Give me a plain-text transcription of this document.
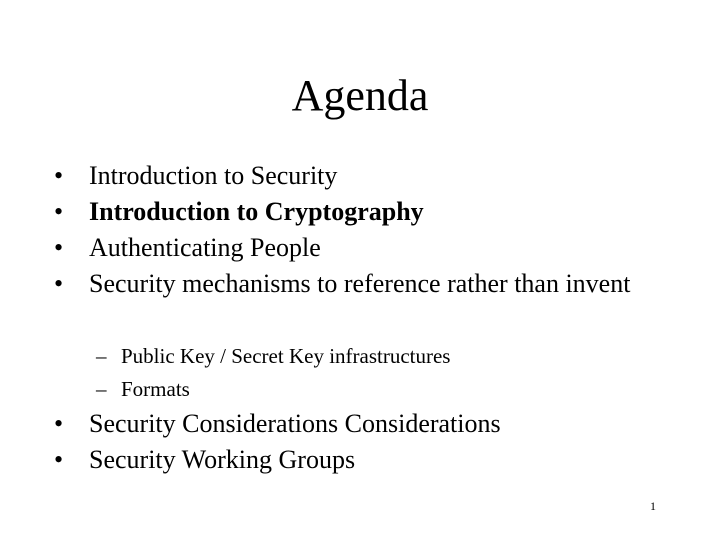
Agenda
• Introduction to Security
• Introduction to Cryptography
• Authenticating People
• Security mechanisms to reference rather than invent
– Public Key / Secret Key infrastructures
– Formats
• Security Considerations Considerations
• Security Working Groups
1
